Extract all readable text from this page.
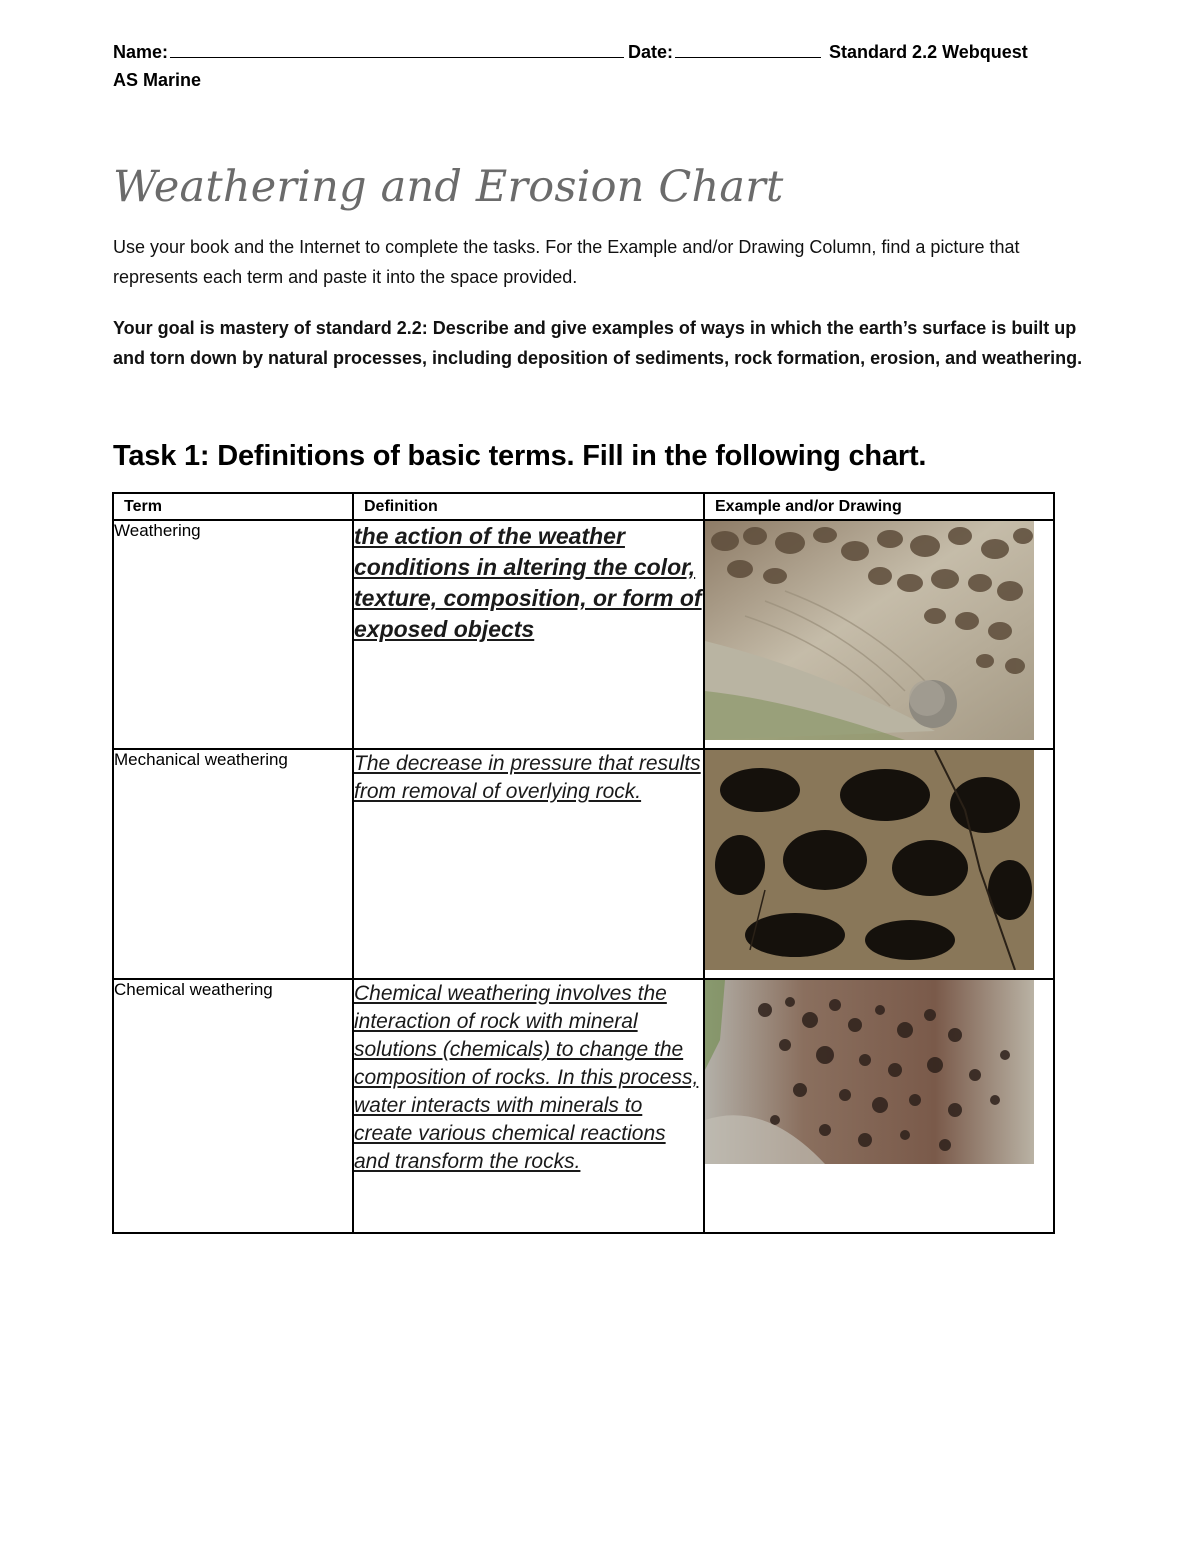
Name:	Date:	Standard 2.2 Webquest
AS Marine
Weathering and Erosion Chart
Use your book and the Internet to complete the tasks. For the Example and/or Drawing Column, find a picture that represents each term and paste it into the space provided.
Your goal is mastery of standard 2.2: Describe and give examples of ways in which the earth’s surface is built up and torn down by natural processes, including deposition of sediments, rock formation, erosion, and weathering.
Task 1: Definitions of basic terms. Fill in the following chart.
Term	Definition	Example and/or Drawing
Weathering	the action of the weather conditions in altering the color, texture, composition, or form of exposed objects

Mechanical weathering	The decrease in pressure that results from removal of overlying rock.

Chemical weathering	Chemical weathering involves the interaction of rock with mineral solutions (chemicals) to change the composition of rocks. In this process, water interacts with minerals to create various chemical reactions and transform the rocks.
